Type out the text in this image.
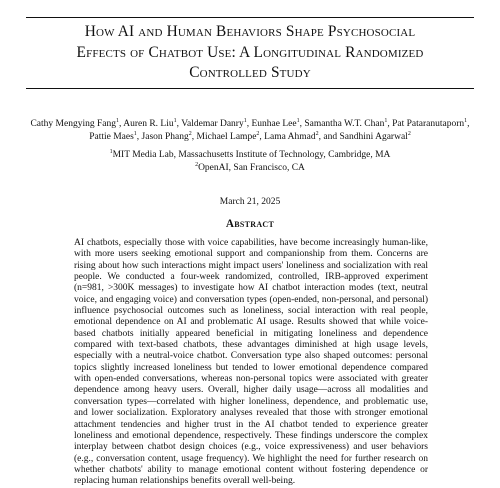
How AI and Human Behaviors Shape Psychosocial
Effects of Chatbot Use: A Longitudinal Randomized
Controlled Study
Cathy Mengying Fang$^1$, Auren R. Liu$^1$, Valdemar Danry$^1$, Eunhae Lee$^1$, Samantha W.T. Chan$^1$, Pat Pataranutaporn$^1$,
Pattie Maes$^1$, Jason Phang$^2$, Michael Lampe$^2$, Lama Ahmad$^2$, and Sandhini Agarwal$^2$
$^1$MIT Media Lab, Massachusetts Institute of Technology, Cambridge, MA
$^2$OpenAI, San Francisco, CA
March 21, 2025
Abstract
AI chatbots, especially those with voice capabilities, have become increasingly human-like, with more users seeking emotional support and companionship from them. Concerns are rising about how such interactions might impact users' loneliness and socialization with real people. We conducted a four-week randomized, controlled, IRB-approved experiment (n=981, >300K messages) to investigate how AI chatbot interaction modes (text, neutral voice, and engaging voice) and conversation types (open-ended, non-personal, and personal) influence psychosocial outcomes such as loneliness, social interaction with real people, emotional dependence on AI and problematic AI usage. Results showed that while voice-based chatbots initially appeared beneficial in mitigating loneliness and dependence compared with text-based chatbots, these advantages diminished at high usage levels, especially with a neutral-voice chatbot. Conversation type also shaped outcomes: personal topics slightly increased loneliness but tended to lower emotional dependence compared with open-ended conversations, whereas non-personal topics were associated with greater dependence among heavy users. Overall, higher daily usage—across all modalities and conversation types—correlated with higher loneliness, dependence, and problematic use, and lower socialization. Exploratory analyses revealed that those with stronger emotional attachment tendencies and higher trust in the AI chatbot tended to experience greater loneliness and emotional dependence, respectively. These findings underscore the complex interplay between chatbot design choices (e.g., voice expressiveness) and user behaviors (e.g., conversation content, usage frequency). We highlight the need for further research on whether chatbots' ability to manage emotional content without fostering dependence or replacing human relationships benefits overall well-being.
